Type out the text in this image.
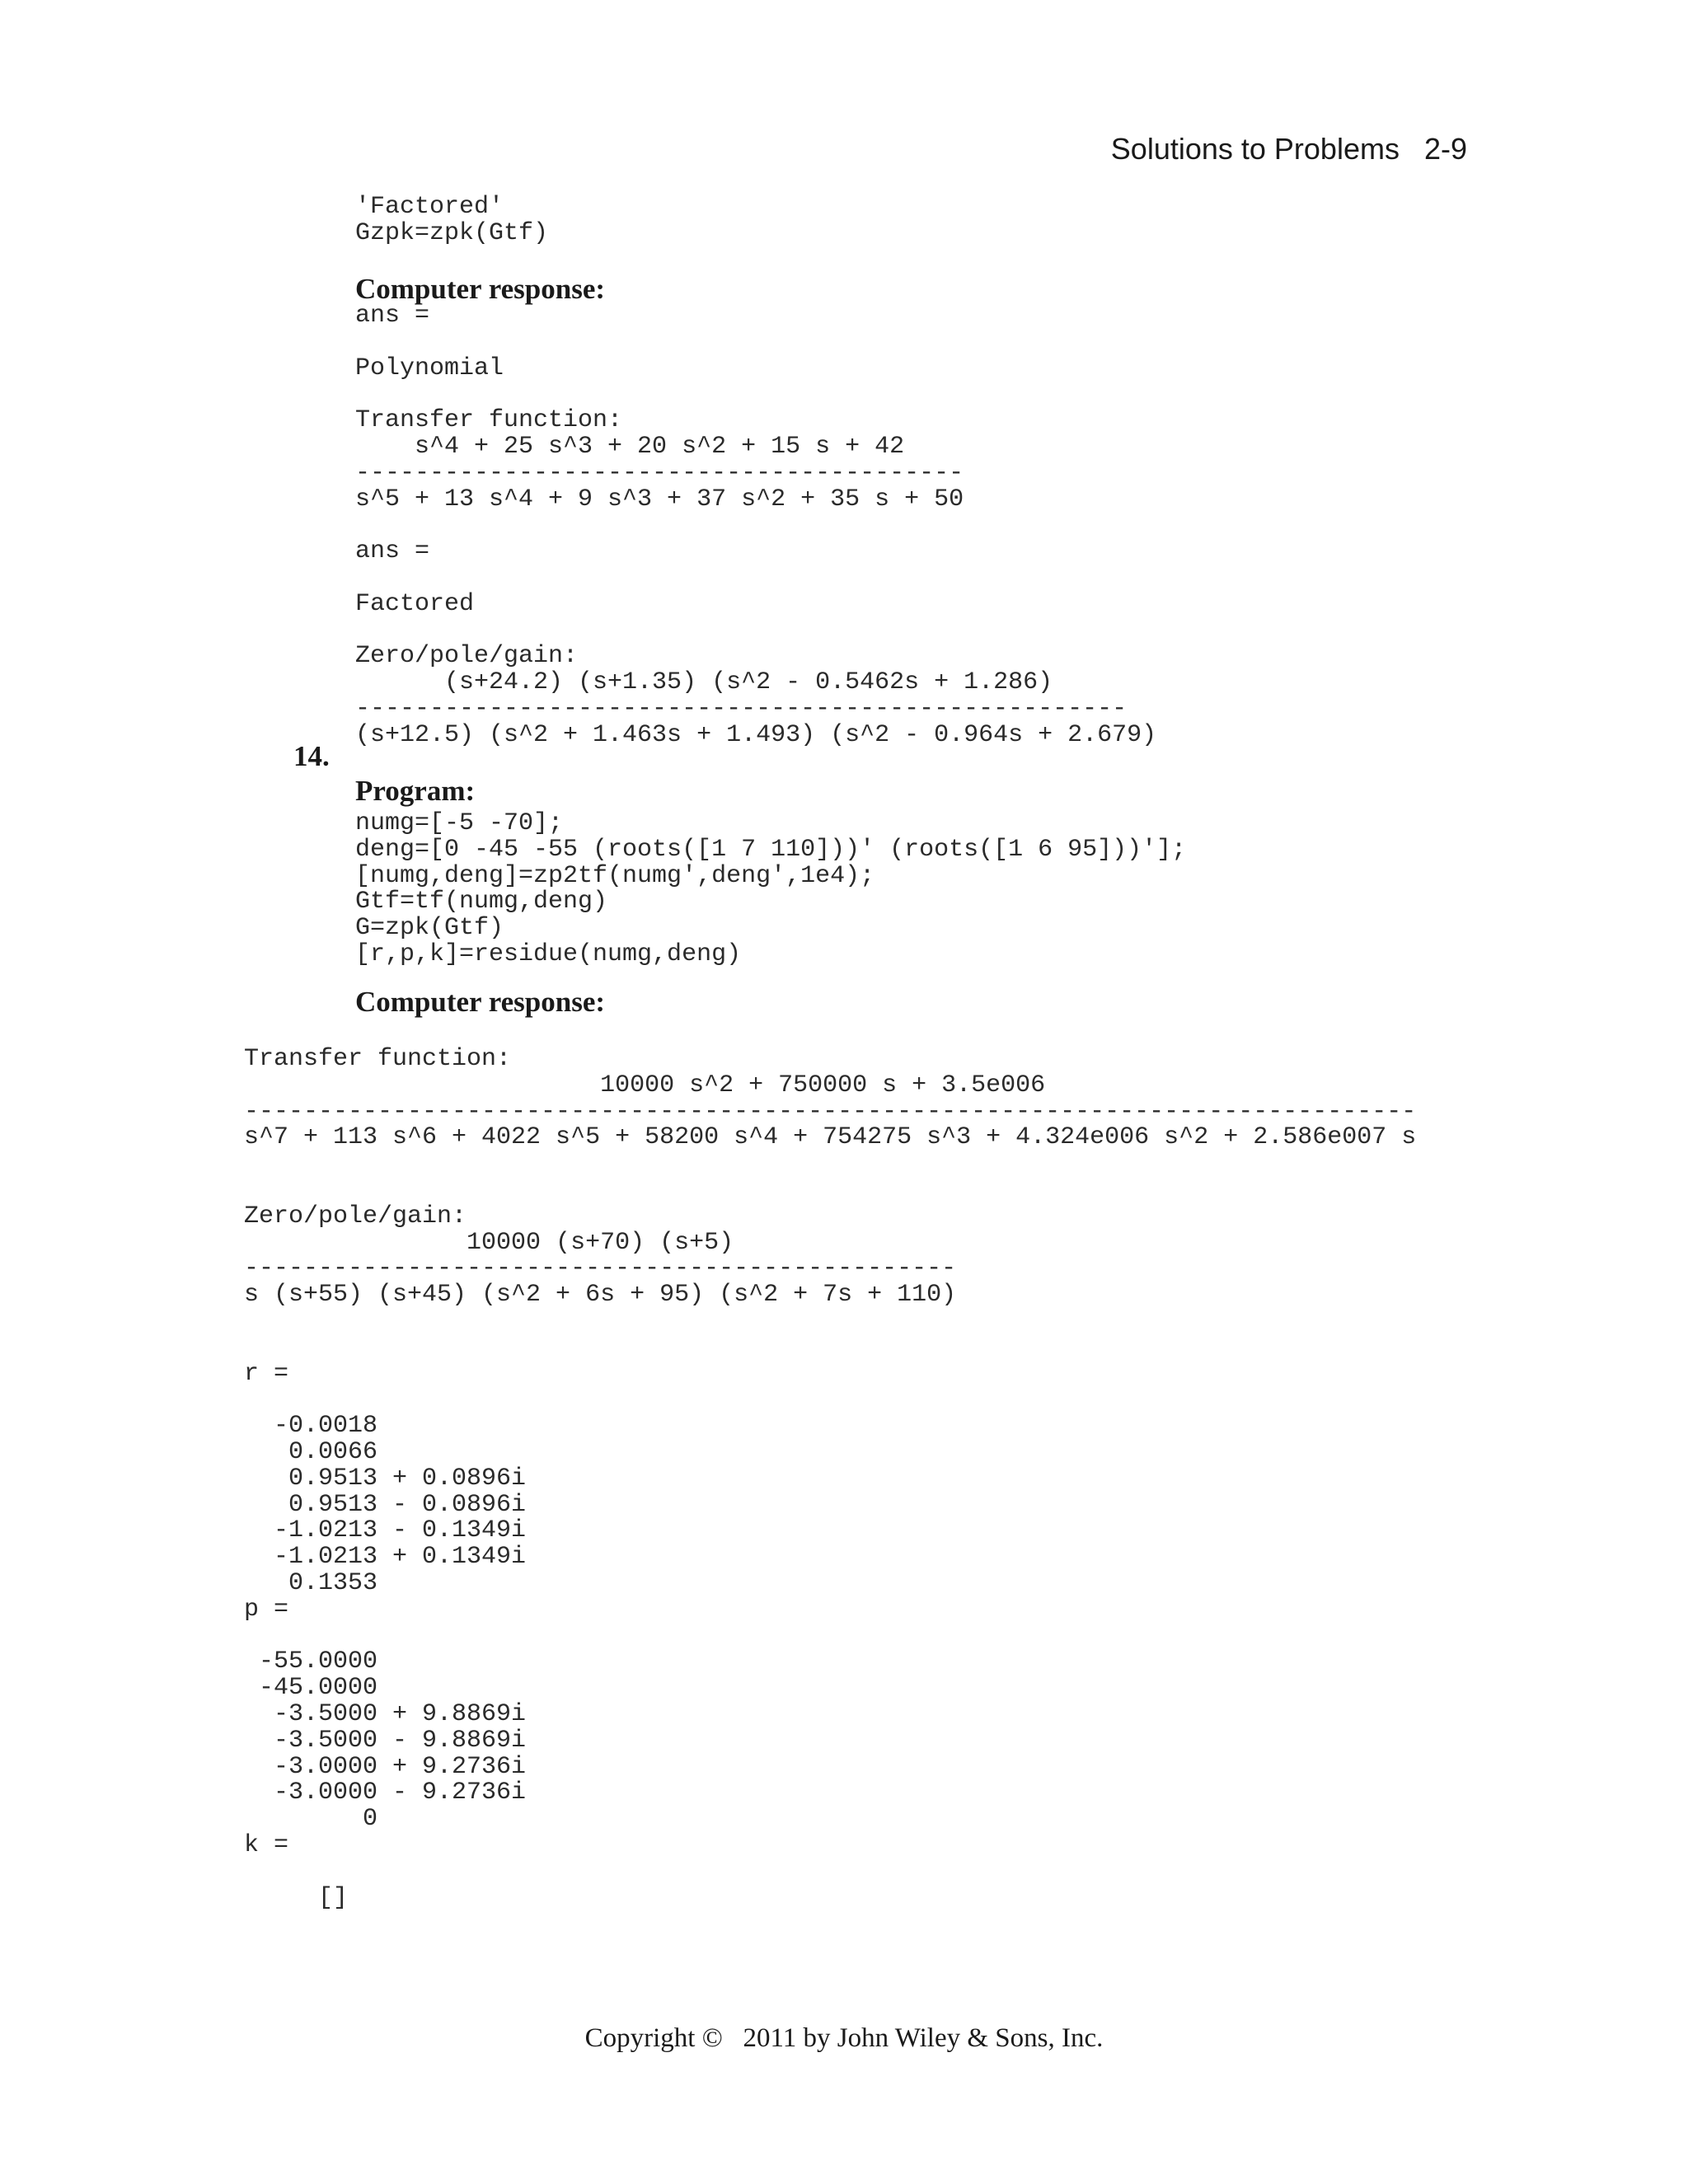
Solutions to Problems   2-9
'Factored'
Gzpk=zpk(Gtf)
Computer response:
ans =

Polynomial

Transfer function:
s^4 + 25 s^3 + 20 s^2 + 15 s + 42
-----------------------------------------
s^5 + 13 s^4 + 9 s^3 + 37 s^2 + 35 s + 50

ans =

Factored

Zero/pole/gain:
(s+24.2) (s+1.35) (s^2 - 0.5462s + 1.286)
----------------------------------------------------
(s+12.5) (s^2 + 1.463s + 1.493) (s^2 - 0.964s + 2.679)
14.
Program:
numg=[-5 -70];
deng=[0 -45 -55 (roots([1 7 110]))' (roots([1 6 95]))'];
[numg,deng]=zp2tf(numg',deng',1e4);
Gtf=tf(numg,deng)
G=zpk(Gtf)
[r,p,k]=residue(numg,deng)
Computer response:
Transfer function:
10000 s^2 + 750000 s + 3.5e006
-------------------------------------------------------------------------------
s^7 + 113 s^6 + 4022 s^5 + 58200 s^4 + 754275 s^3 + 4.324e006 s^2 + 2.586e007 s

Zero/pole/gain:
10000 (s+70) (s+5)
------------------------------------------------
s (s+55) (s+45) (s^2 + 6s + 95) (s^2 + 7s + 110)

r =

-0.0018
0.0066
0.9513 + 0.0896i
0.9513 - 0.0896i
-1.0213 - 0.1349i
-1.0213 + 0.1349i
0.1353
p =

-55.0000
-45.0000
-3.5000 + 9.8869i
-3.5000 - 9.8869i
-3.0000 + 9.2736i
-3.0000 - 9.2736i
0
k =

[]
Copyright ©   2011 by John Wiley & Sons, Inc.
